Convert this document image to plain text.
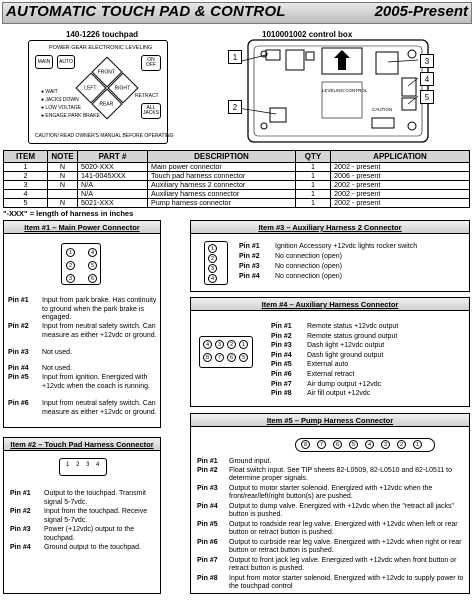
AUTOMATIC TOUCH PAD & CONTROL	2005-Present
140-1226 touchpad
POWER GEAR ELECTRONIC LEVELING
MAIN	AUTO	ON OFF
FRONT
LEFT	RIGHT
REAR
RETRACT
ALL JACKS
● WAIT
● JACKS DOWN
● LOW VOLTAGE
● ENGAGE PARK BRAKE
CAUTION! READ OWNER'S MANUAL BEFORE OPERATING
1010001002 control box
1
2
3
4
5
LEVELING CONTROL
CAUTION
ITEM	NOTE	PART #	DESCRIPTION	QTY	APPLICATION
1	N	5020-XXX	Main power connector	1	2002 - present
2	N	141-0045XXX	Touch pad harness connector	1	2006 - present
3	N	N/A	Auxiliary harness 2 connector	1	2002 - present
4		N/A	Auxiliary harness connector	1	2002 - present
5	N	5021-XXX	Pump harness connector	1	2002 - present
"-XXX" = length of harness in inches
Item #1 – Main Power Connector
1	4
2	5
3	6
Pin #1 Input from park brake. Has continuity to ground when the park brake is engaged.
Pin #2 Input from neutral safety switch. Can measure as either +12vdc or ground.
Pin #3 Not used.
Pin #4 Not used.
Pin #5 Input from ignition. Energized with +12vdc when the coach is running.
Pin #6 Input from neutral safety switch. Can measure as either +12vdc or ground.
Item #3 – Auxiliary Harness 2 Connector
1
2
3
4
Pin #1 Ignition Accessory +12vdc lights rocker switch
Pin #2 No connection (open)
Pin #3 No connection (open)
Pin #4 No connection (open)
Item #4 – Auxiliary Harness Connector
4	3	2	1
8	7	6	5
Pin #1 Remote status +12vdc output
Pin #2 Remote status ground output
Pin #3 Dash light +12vdc output
Pin #4 Dash light ground output
Pin #5 External auto
Pin #6 External retract
Pin #7 Air dump output +12vdc
Pin #8 Air fill output +12vdc
Item #2 – Touch Pad Harness Connector
1 2 3 4
Pin #1 Output to the touchpad. Transmit signal 5-7vdc.
Pin #2 Input from the touchpad. Receive signal 5-7vdc.
Pin #3 Power (+12vdc) output to the touchpad.
Pin #4 Ground output to the touchpad.
Item #5 – Pump Harness Connector
8	7	6	5	4	3	2	1
Pin #1 Ground input.
Pin #2 Float switch input. See TIP sheets 82-L0509, 82-L0510 and 82-L0511 to determine proper signals.
Pin #3 Output to motor starter solenoid. Energized with +12vdc when the front/rear/left/right button(s) are pushed.
Pin #4 Output to dump valve. Energized with +12vdc when the "retract all jacks" button is pushed.
Pin #5 Output to roadside rear leg valve. Energized with +12vdc when left or rear button or retract button is pushed.
Pin #6 Output to curbside rear leg valve. Energized with +12vdc when right or rear button or retract button is pushed.
Pin #7 Output to front jack leg valve. Energized with +12vdc when front button or retract button is pushed.
Pin #8 Input from motor starter solenoid. Energized with +12vdc to supply power to the touchpad control
